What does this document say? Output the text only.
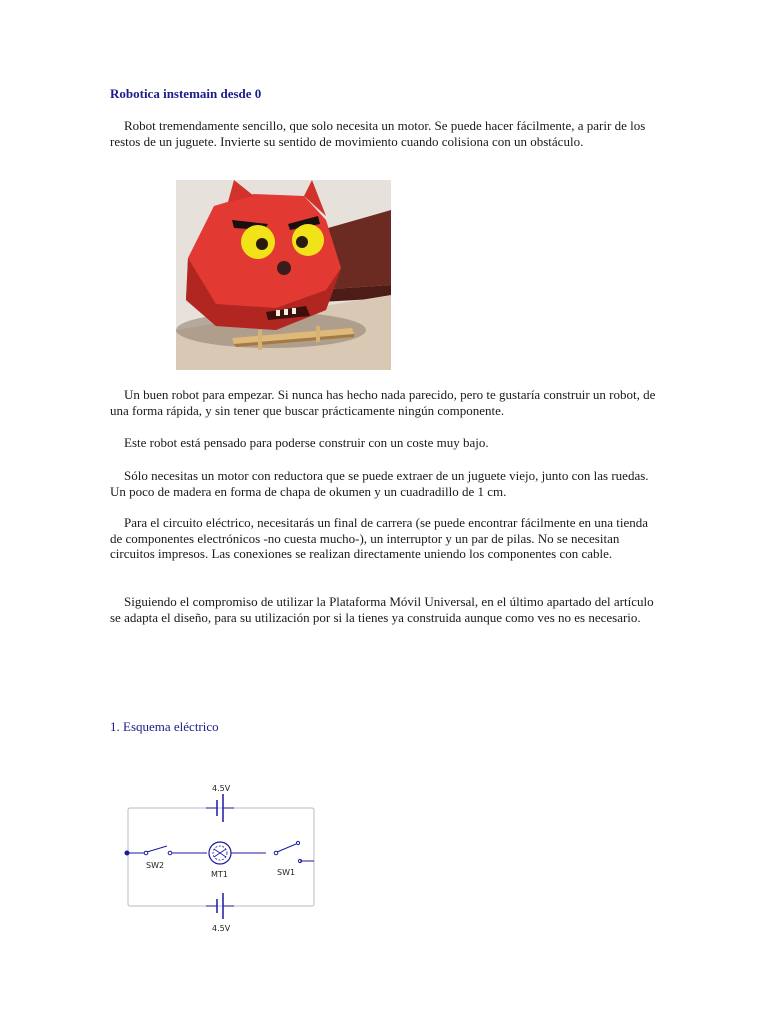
Robotica instemain desde 0

Robot tremendamente sencillo, que solo necesita un motor. Se puede hacer fácilmente, a parir de los restos de un juguete. Invierte su sentido de movimiento cuando colisiona con un obstáculo.

Un buen robot para empezar. Si nunca has hecho nada parecido, pero te gustaría construir un robot, de una forma rápida, y sin tener que buscar prácticamente ningún componente.

Este robot está pensado para poderse construir con un coste muy bajo.

Sólo necesitas un motor con reductora que se puede extraer de un juguete viejo, junto con las ruedas. Un poco de madera en forma de chapa de okumen y un cuadradillo de 1 cm.

Para el circuito eléctrico, necesitarás un final de carrera (se puede encontrar fácilmente en una tienda de componentes electrónicos -no cuesta mucho-), un interruptor y un par de pilas. No se necesitan circuitos impresos. Las conexiones se realizan directamente uniendo los componentes con cable.

Siguiendo el compromiso de utilizar la Plataforma Móvil Universal, en el último apartado del artículo se adapta el diseño, para su utilización por si la tienes ya construida aunque como ves no es necesario.

1. Esquema eléctrico
4.5V
4.5V
SW2
MT1	SW1
